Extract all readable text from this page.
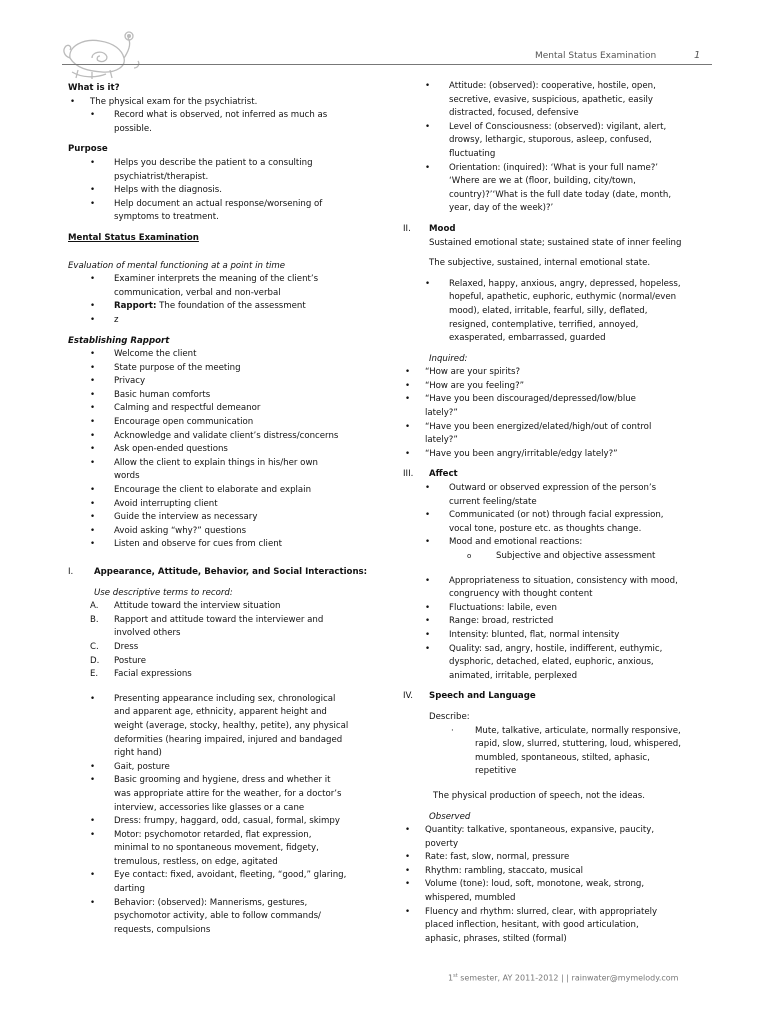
Mental Status Examination	1
What is it?
• The physical exam for the psychiatrist.
• Record what is observed, not inferred as much as
possible.
Purpose
• Helps you describe the patient to a consulting
psychiatrist/therapist.
• Helps with the diagnosis.
• Help document an actual response/worsening of
symptoms to treatment.
Mental Status Examination
Evaluation of mental functioning at a point in time
• Examiner interprets the meaning of the client’s
communication, verbal and non-verbal
• Rapport: The foundation of the assessment
• z
Establishing Rapport
• Welcome the client
• State purpose of the meeting
• Privacy
• Basic human comforts
• Calming and respectful demeanor
• Encourage open communication
• Acknowledge and validate client’s distress/concerns
• Ask open-ended questions
• Allow the client to explain things in his/her own
words
• Encourage the client to elaborate and explain
• Avoid interrupting client
• Guide the interview as necessary
• Avoid asking “why?” questions
• Listen and observe for cues from client
I. Appearance, Attitude, Behavior, and Social Interactions:
Use descriptive terms to record:
A. Attitude toward the interview situation
B. Rapport and attitude toward the interviewer and
involved others
C. Dress
D. Posture
E. Facial expressions
• Presenting appearance including sex, chronological
and apparent age, ethnicity, apparent height and
weight (average, stocky, healthy, petite), any physical
deformities (hearing impaired, injured and bandaged
right hand)
• Gait, posture
• Basic grooming and hygiene, dress and whether it
was appropriate attire for the weather, for a doctor’s
interview, accessories like glasses or a cane
• Dress: frumpy, haggard, odd, casual, formal, skimpy
• Motor: psychomotor retarded, flat expression,
minimal to no spontaneous movement, fidgety,
tremulous, restless, on edge, agitated
• Eye contact: fixed, avoidant, fleeting, “good,” glaring,
darting
• Behavior: (observed): Mannerisms, gestures,
psychomotor activity, able to follow commands/
requests, compulsions
• Attitude: (observed): cooperative, hostile, open,
secretive, evasive, suspicious, apathetic, easily
distracted, focused, defensive
• Level of Consciousness: (observed): vigilant, alert,
drowsy, lethargic, stuporous, asleep, confused,
fluctuating
• Orientation: (inquired): ‘What is your full name?’
‘Where are we at (floor, building, city/town,
country)?’‘What is the full date today (date, month,
year, day of the week)?’
II. Mood
Sustained emotional state; sustained state of inner feeling
The subjective, sustained, internal emotional state.
• Relaxed, happy, anxious, angry, depressed, hopeless,
hopeful, apathetic, euphoric, euthymic (normal/even
mood), elated, irritable, fearful, silly, deflated,
resigned, contemplative, terrified, annoyed,
exasperated, embarrassed, guarded
Inquired:
• “How are your spirits?
• “How are you feeling?”
• “Have you been discouraged/depressed/low/blue
lately?”
• “Have you been energized/elated/high/out of control
lately?”
• “Have you been angry/irritable/edgy lately?”
III. Affect
• Outward or observed expression of the person’s
current feeling/state
• Communicated (or not) through facial expression,
vocal tone, posture etc. as thoughts change.
• Mood and emotional reactions:
o	Subjective and objective assessment
• Appropriateness to situation, consistency with mood,
congruency with thought content
• Fluctuations: labile, even
• Range: broad, restricted
• Intensity: blunted, flat, normal intensity
• Quality: sad, angry, hostile, indifferent, euthymic,
dysphoric, detached, elated, euphoric, anxious,
animated, irritable, perplexed
IV. Speech and Language
Describe:
· Mute, talkative, articulate, normally responsive,
rapid, slow, slurred, stuttering, loud, whispered,
mumbled, spontaneous, stilted, aphasic,
repetitive
The physical production of speech, not the ideas.
Observed
• Quantity: talkative, spontaneous, expansive, paucity,
poverty
• Rate: fast, slow, normal, pressure
• Rhythm: rambling, staccato, musical
• Volume (tone): loud, soft, monotone, weak, strong,
whispered, mumbled
• Fluency and rhythm: slurred, clear, with appropriately
placed inflection, hesitant, with good articulation,
aphasic, phrases, stilted (formal)
1st semester, AY 2011-2012 | | rainwater@mymelody.com
